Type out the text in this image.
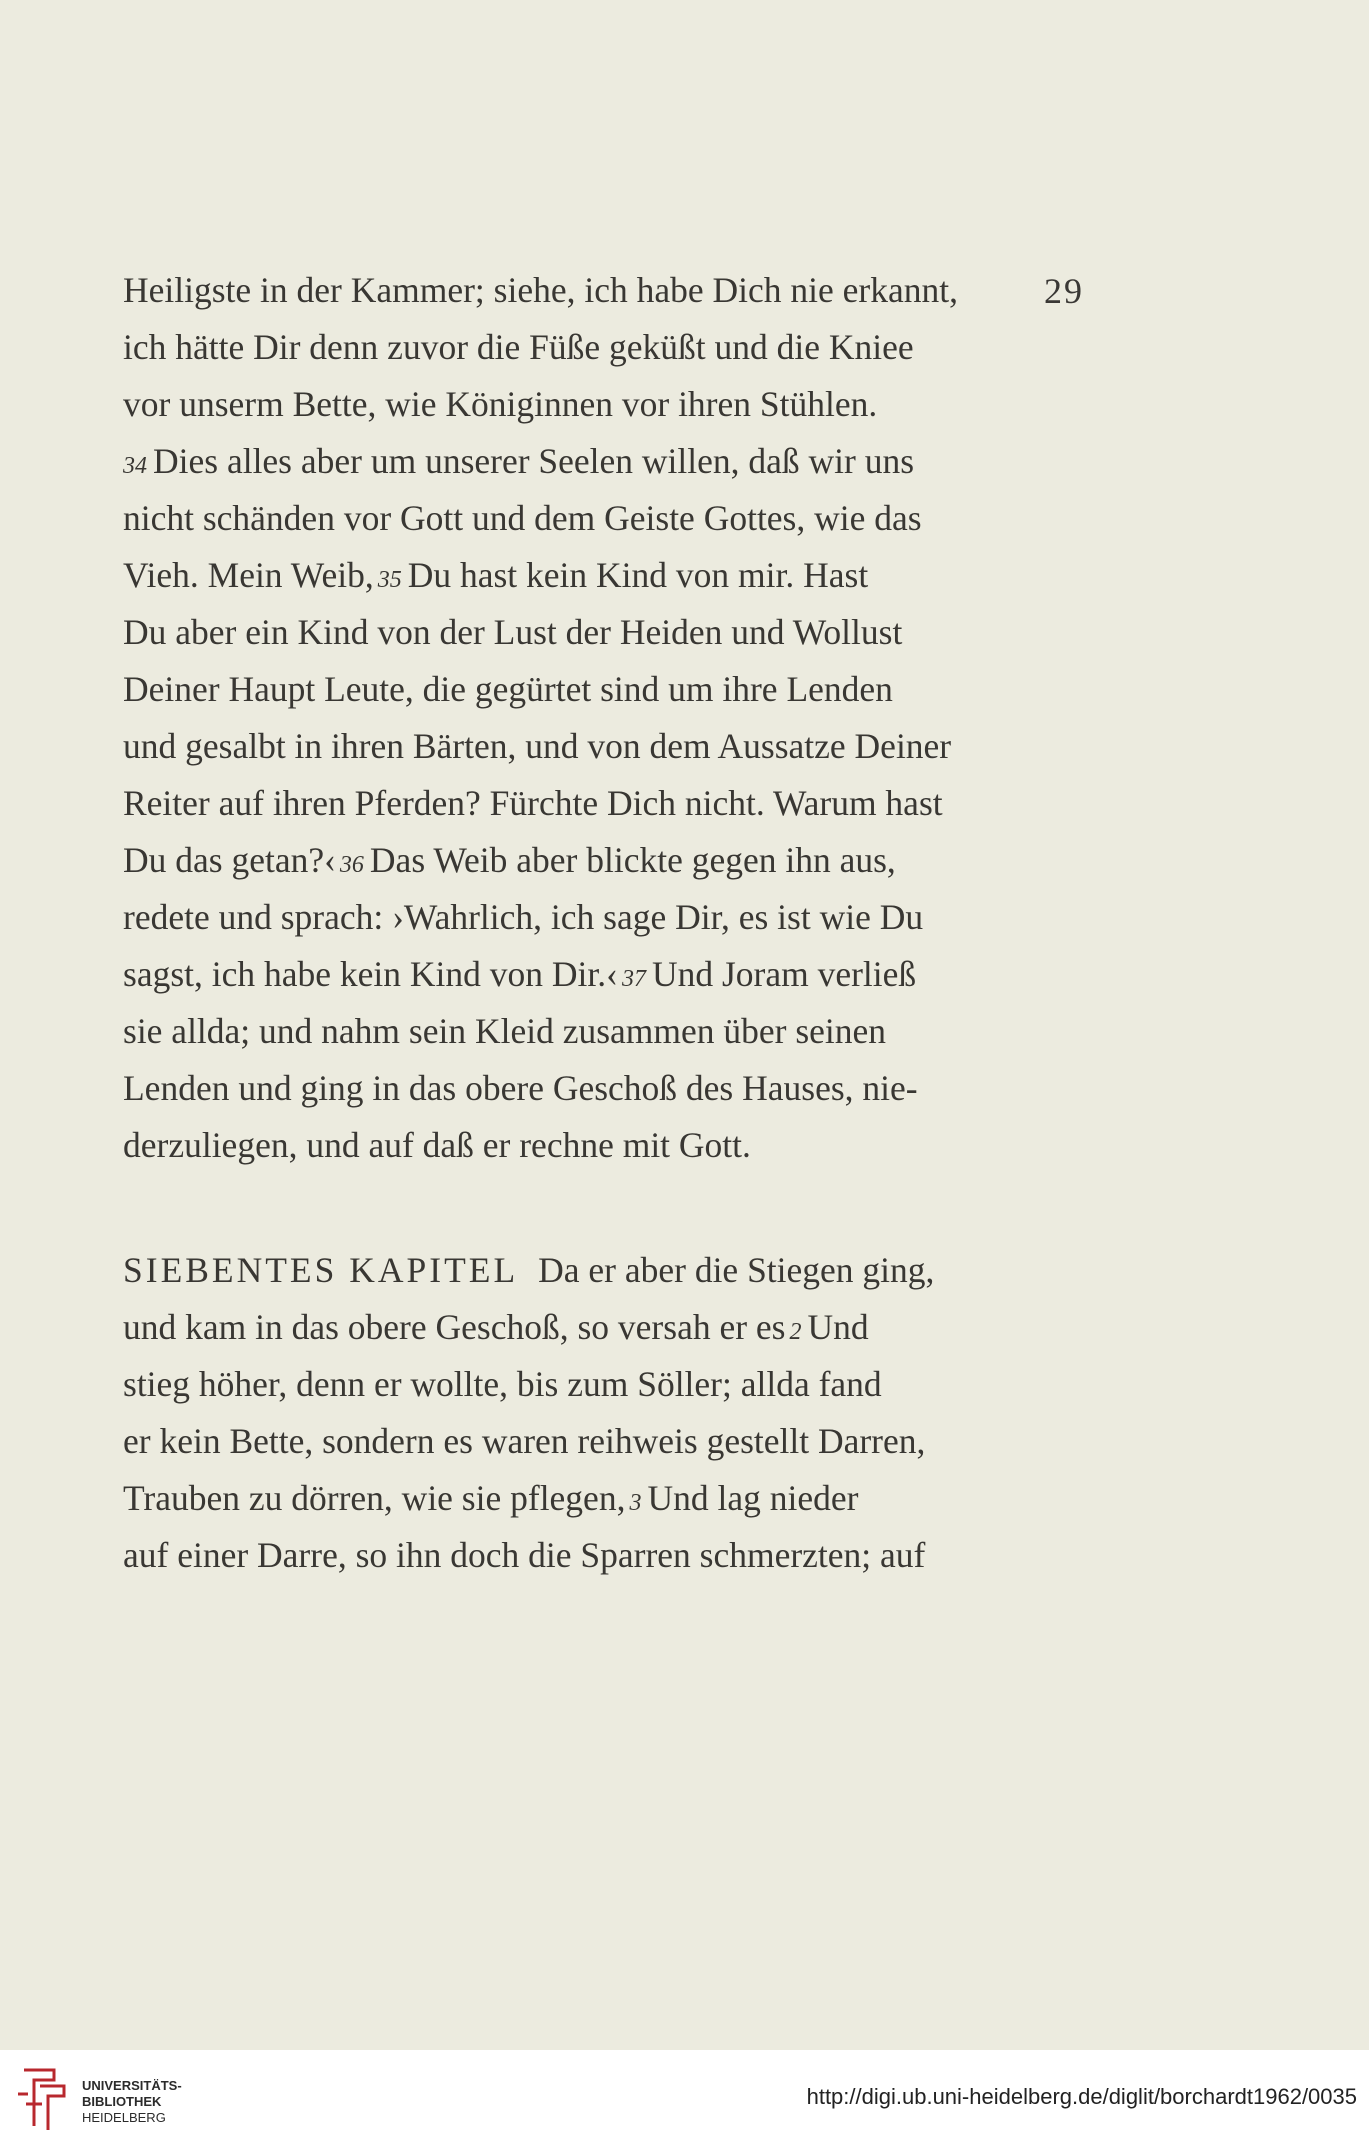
29
Heiligste in der Kammer; siehe, ich habe Dich nie erkannt,
ich hätte Dir denn zuvor die Füße geküßt und die Kniee
vor unserm Bette, wie Königinnen vor ihren Stühlen.
34 Dies alles aber um unserer Seelen willen, daß wir uns
nicht schänden vor Gott und dem Geiste Gottes, wie das
Vieh. Mein Weib, 35 Du hast kein Kind von mir. Hast
Du aber ein Kind von der Lust der Heiden und Wollust
Deiner Haupt Leute, die gegürtet sind um ihre Lenden
und gesalbt in ihren Bärten, und von dem Aussatze Deiner
Reiter auf ihren Pferden? Fürchte Dich nicht. Warum hast
Du das getan?‹ 36 Das Weib aber blickte gegen ihn aus,
redete und sprach: ›Wahrlich, ich sage Dir, es ist wie Du
sagst, ich habe kein Kind von Dir.‹ 37 Und Joram verließ
sie allda; und nahm sein Kleid zusammen über seinen
Lenden und ging in das obere Geschoß des Hauses, nie-
derzuliegen, und auf daß er rechne mit Gott.
SIEBENTES KAPITEL Da er aber die Stiegen ging,
und kam in das obere Geschoß, so versah er es 2 Und
stieg höher, denn er wollte, bis zum Söller; allda fand
er kein Bette, sondern es waren reihweis gestellt Darren,
Trauben zu dörren, wie sie pflegen, 3 Und lag nieder
auf einer Darre, so ihn doch die Sparren schmerzten; auf
UNIVERSITÄTS-
BIBLIOTHEK
HEIDELBERG
http://digi.ub.uni-heidelberg.de/diglit/borchardt1962/0035
